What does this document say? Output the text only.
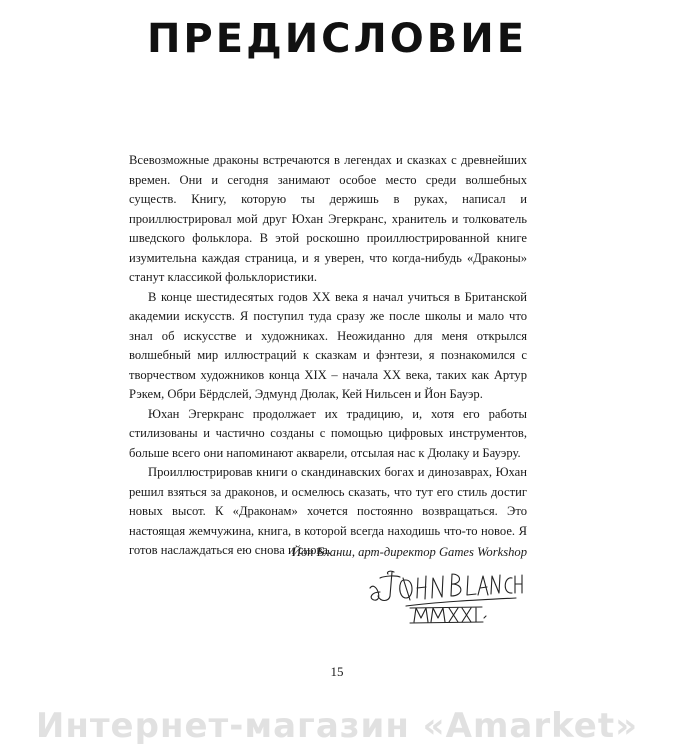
ПРЕДИСЛОВИЕ

Всевозможные драконы встречаются в легендах и сказках с древнейших времен. Они и сегодня занимают особое место среди волшебных существ. Книгу, которую ты держишь в руках, написал и проиллюстрировал мой друг Юхан Эгеркранс, хранитель и толкователь шведского фольклора. В этой роскошно проиллюстрированной книге изумительна каждая страница, и я уверен, что когда-нибудь «Драконы» станут классикой фольклористики.

В конце шестидесятых годов XX века я начал учиться в Британской академии искусств. Я поступил туда сразу же после школы и мало что знал об искусстве и художниках. Неожиданно для меня открылся волшебный мир иллюстраций к сказкам и фэнтези, я познакомился с творчеством художников конца XIX – начала XX века, таких как Артур Рэкем, Обри Бёрдслей, Эдмунд Дюлак, Кей Нильсен и Йон Бауэр.

Юхан Эгеркранс продолжает их традицию, и, хотя его работы стилизованы и частично созданы с помощью цифровых инструментов, больше всего они напоминают акварели, отсылая нас к Дюлаку и Бауэру.

Проиллюстрировав книги о скандинавских богах и динозаврах, Юхан решил взяться за драконов, и осмелюсь сказать, что тут его стиль достиг новых высот. К «Драконам» хочется постоянно возвращаться. Это настоящая жемчужина, книга, в которой всегда находишь что-то новое. Я готов наслаждаться ею снова и снова.

Йон Бланш, арт-директор Games Workshop
15
Интернет-магазин «Amarket»
